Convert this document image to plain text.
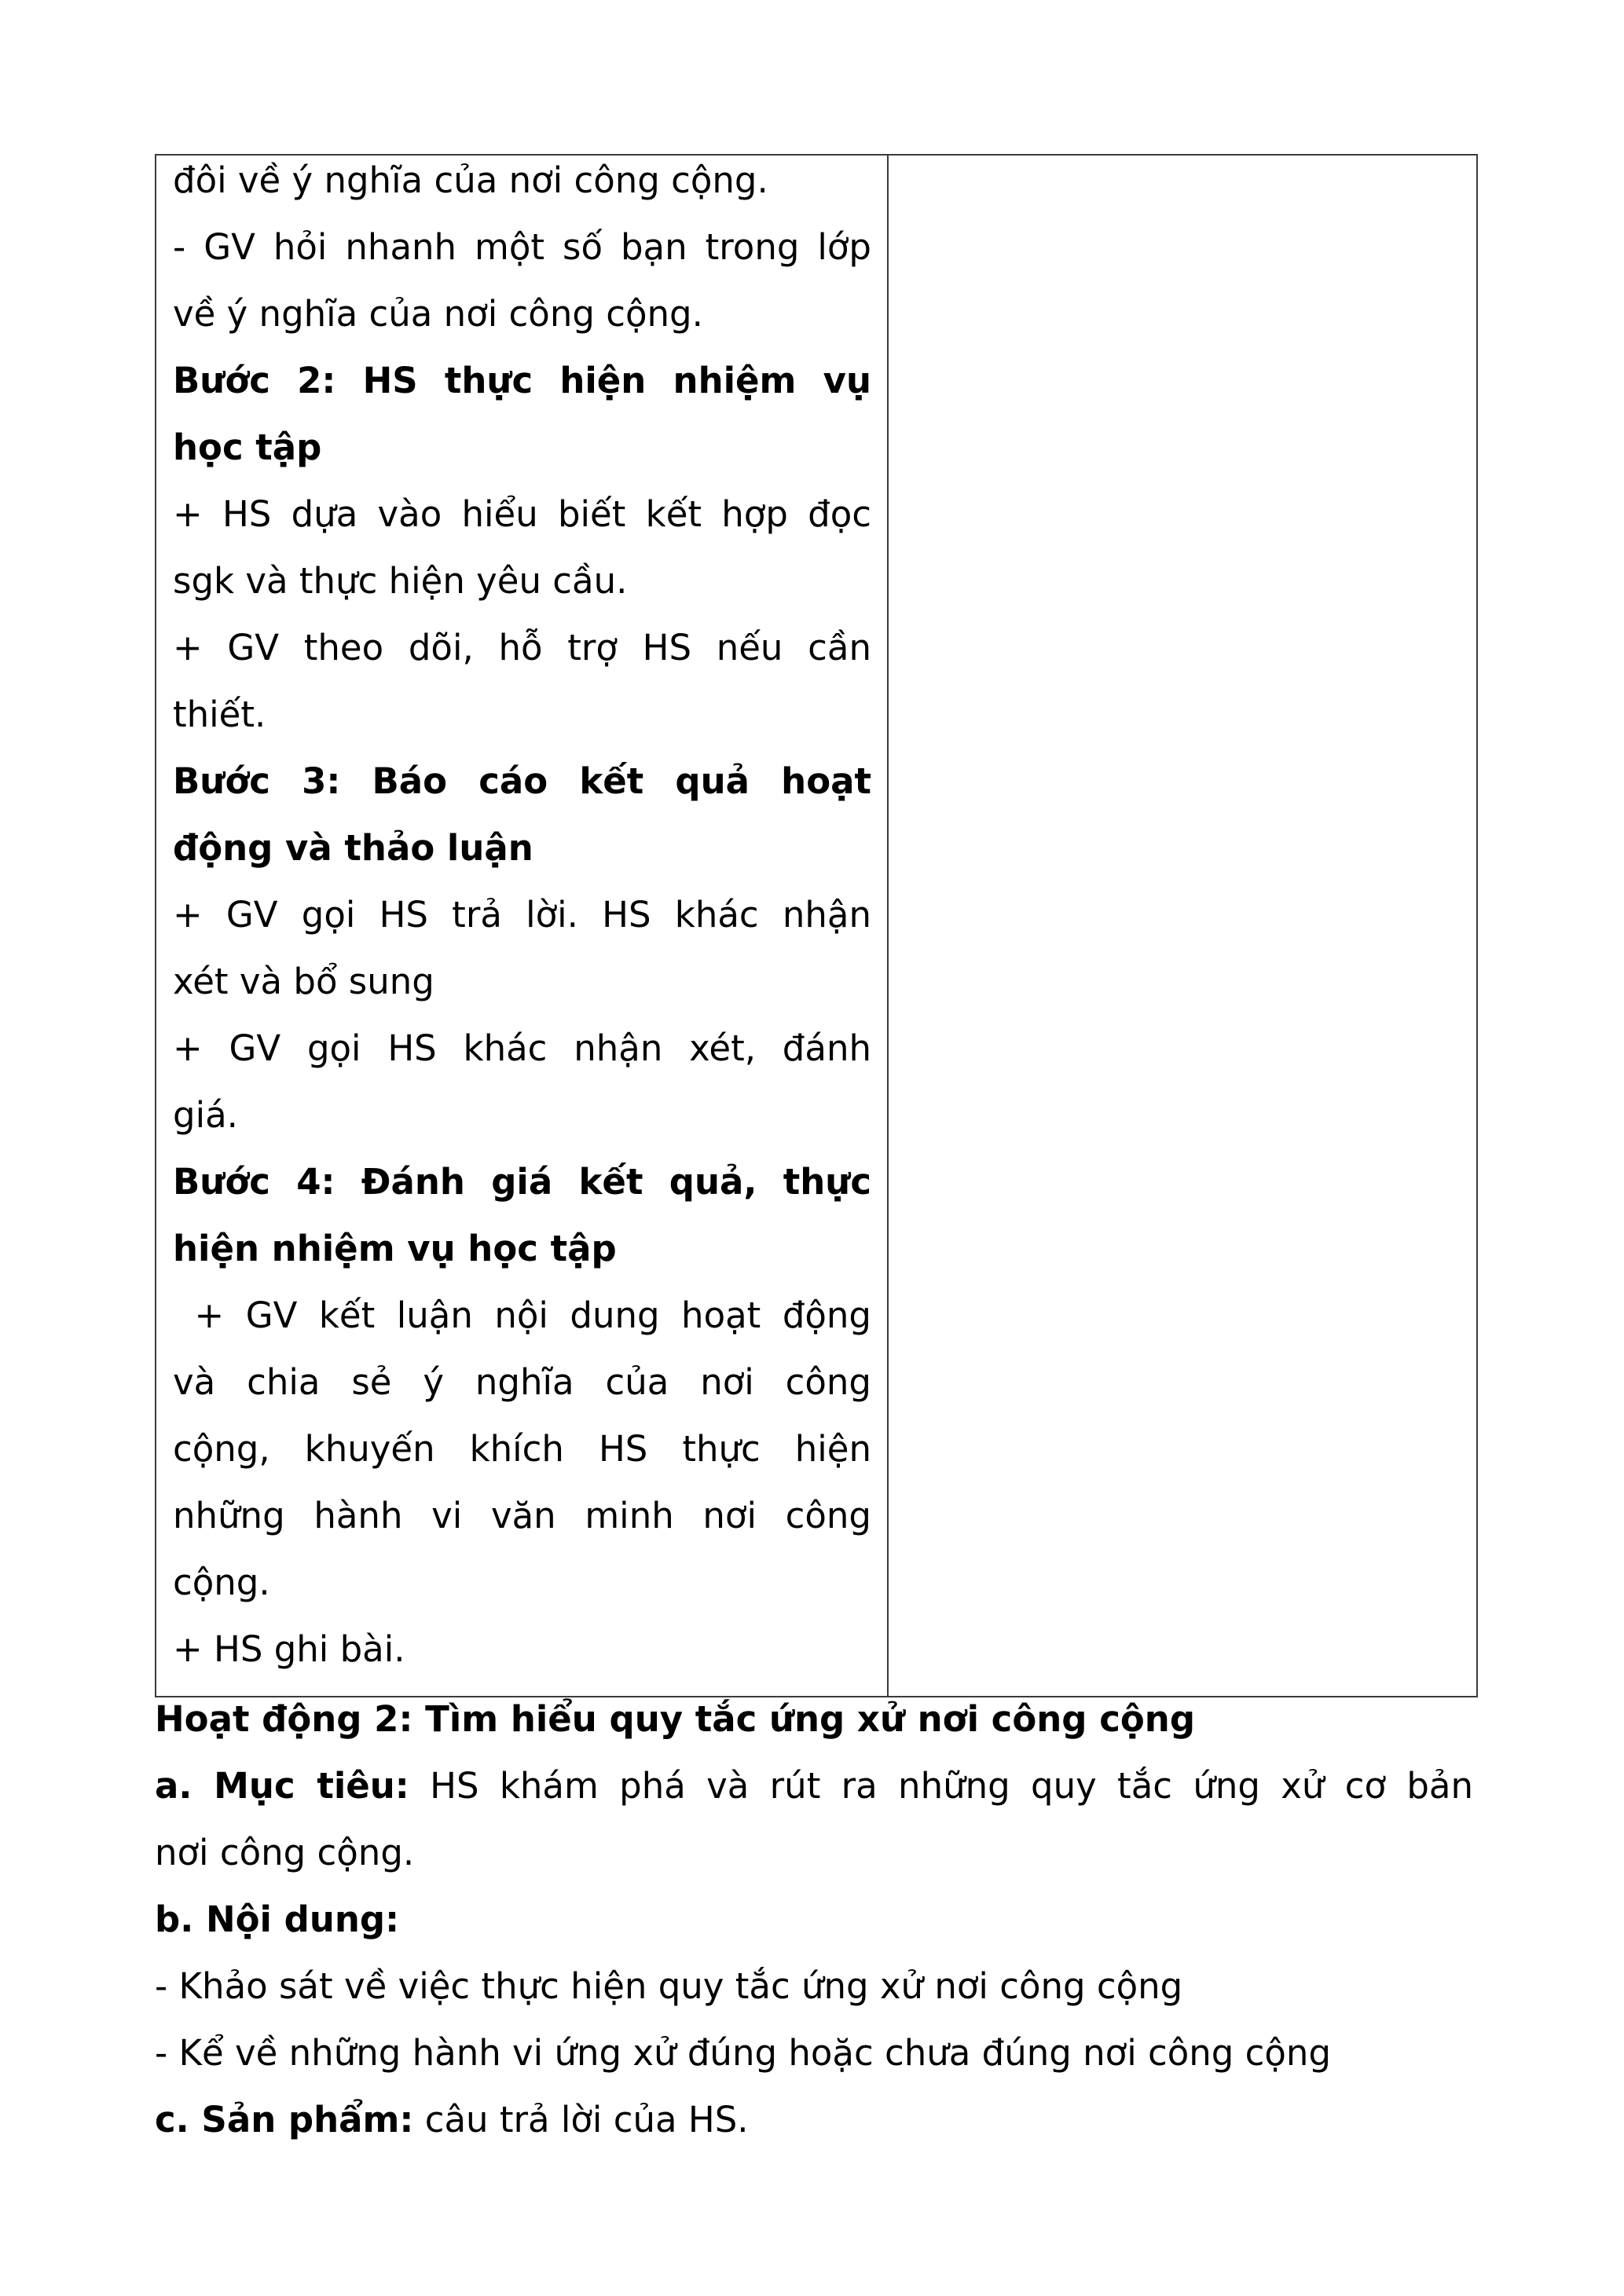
đôi về ý nghĩa của nơi công cộng.
- GV hỏi nhanh một số bạn trong lớp
về ý nghĩa của nơi công cộng.
Bước 2: HS thực hiện nhiệm vụ
học tập
+ HS dựa vào hiểu biết kết hợp đọc
sgk và thực hiện yêu cầu.
+ GV theo dõi, hỗ trợ HS nếu cần
thiết.
Bước 3: Báo cáo kết quả hoạt
động và thảo luận
+ GV gọi HS trả lời. HS khác nhận
xét và bổ sung
+ GV gọi HS khác nhận xét, đánh
giá.
Bước 4: Đánh giá kết quả, thực
hiện nhiệm vụ học tập
+ GV kết luận nội dung hoạt động
và chia sẻ ý nghĩa của nơi công
cộng, khuyến khích HS thực hiện
những hành vi văn minh nơi công
cộng.
+ HS ghi bài.

Hoạt động 2: Tìm hiểu quy tắc ứng xử nơi công cộng
a. Mục tiêu: HS khám phá và rút ra những quy tắc ứng xử cơ bản
nơi công cộng.
b. Nội dung:
- Khảo sát về việc thực hiện quy tắc ứng xử nơi công cộng
- Kể về những hành vi ứng xử đúng hoặc chưa đúng nơi công cộng
c. Sản phẩm: câu trả lời của HS.
